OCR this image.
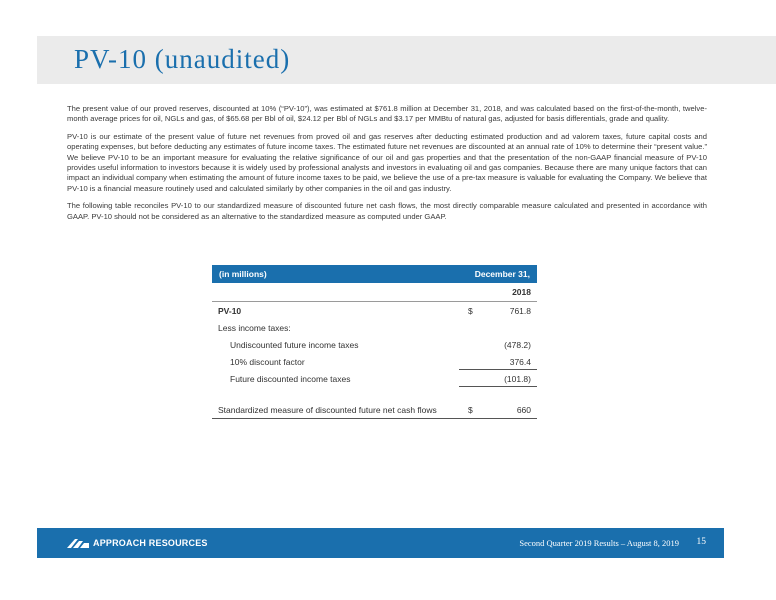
PV-10 (unaudited)

The present value of our proved reserves, discounted at 10% (“PV-10”), was estimated at $761.8 million at December 31, 2018, and was calculated based on the first-of-the-month, twelve-month average prices for oil, NGLs and gas, of $65.68 per Bbl of oil, $24.12 per Bbl of NGLs and $3.17 per MMBtu of natural gas, adjusted for basis differentials, grade and quality.

PV-10 is our estimate of the present value of future net revenues from proved oil and gas reserves after deducting estimated production and ad valorem taxes, future capital costs and operating expenses, but before deducting any estimates of future income taxes. The estimated future net revenues are discounted at an annual rate of 10% to determine their “present value.” We believe PV-10 to be an important measure for evaluating the relative significance of our oil and gas properties and that the presentation of the non-GAAP financial measure of PV-10 provides useful information to investors because it is widely used by professional analysts and investors in evaluating oil and gas companies. Because there are many unique factors that can impact an individual company when estimating the amount of future income taxes to be paid, we believe the use of a pre-tax measure is valuable for evaluating the Company. We believe that PV-10 is a financial measure routinely used and calculated similarly by other companies in the oil and gas industry.

The following table reconciles PV-10 to our standardized measure of discounted future net cash flows, the most directly comparable measure calculated and presented in accordance with GAAP. PV-10 should not be considered as an alternative to the standardized measure as computed under GAAP.

(in millions)	December 31,
2018
PV-10	$	761.8
Less income taxes:
Undiscounted future income taxes	(478.2)
10% discount factor	376.4
Future discounted income taxes	(101.8)
Standardized measure of discounted future net cash flows	$	660
APPROACH RESOURCES	Second Quarter 2019 Results – August 8, 2019 15
